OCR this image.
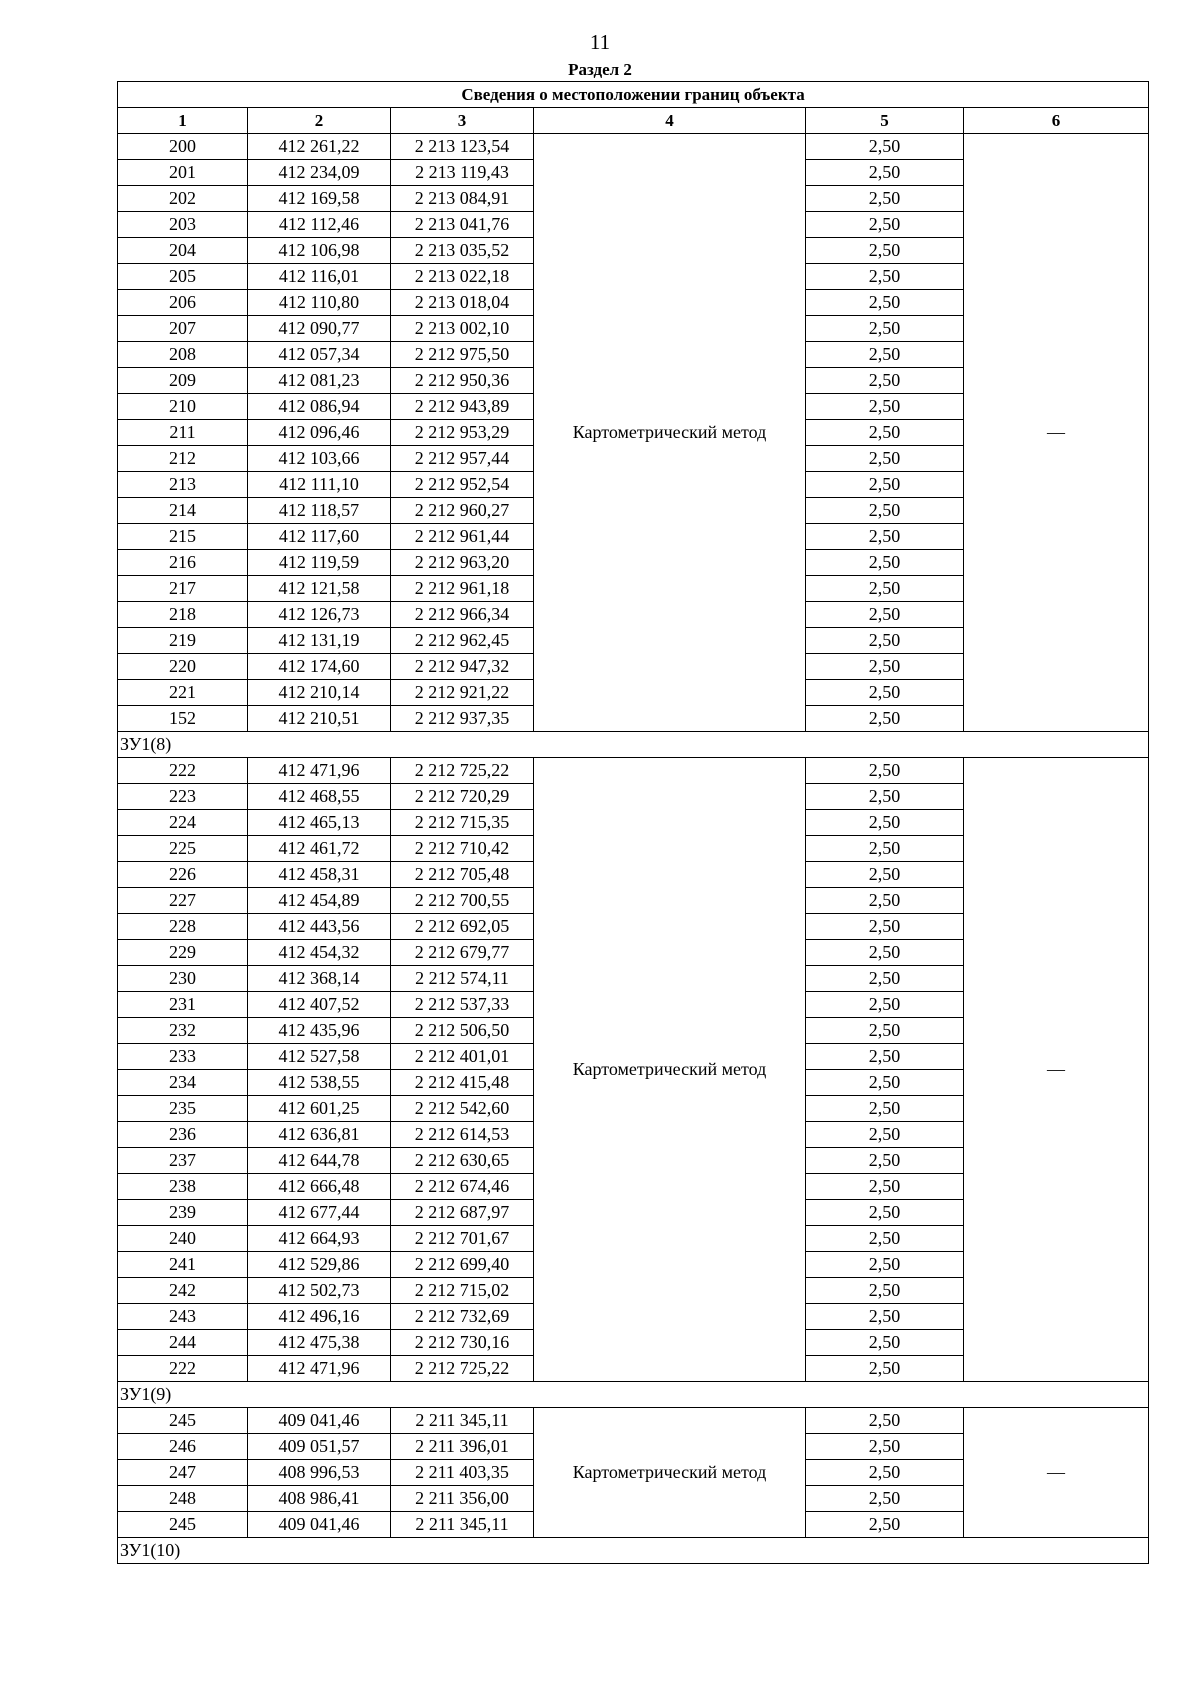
11
Раздел 2
Сведения о местоположении границ объекта					
1	2	3	4	5	6
200	412 261,22	2 213 123,54	Картометрический метод	2,50	—
201	412 234,09	2 213 119,43		2,50	
202	412 169,58	2 213 084,91		2,50	
203	412 112,46	2 213 041,76		2,50	
204	412 106,98	2 213 035,52		2,50	
205	412 116,01	2 213 022,18		2,50	
206	412 110,80	2 213 018,04		2,50	
207	412 090,77	2 213 002,10		2,50	
208	412 057,34	2 212 975,50		2,50	
209	412 081,23	2 212 950,36		2,50	
210	412 086,94	2 212 943,89		2,50	
211	412 096,46	2 212 953,29		2,50	
212	412 103,66	2 212 957,44		2,50	
213	412 111,10	2 212 952,54		2,50	
214	412 118,57	2 212 960,27		2,50	
215	412 117,60	2 212 961,44		2,50	
216	412 119,59	2 212 963,20		2,50	
217	412 121,58	2 212 961,18		2,50	
218	412 126,73	2 212 966,34		2,50	
219	412 131,19	2 212 962,45		2,50	
220	412 174,60	2 212 947,32		2,50	
221	412 210,14	2 212 921,22		2,50	
152	412 210,51	2 212 937,35		2,50	
ЗУ1(8)					
222	412 471,96	2 212 725,22	Картометрический метод	2,50	—
223	412 468,55	2 212 720,29		2,50	
224	412 465,13	2 212 715,35		2,50	
225	412 461,72	2 212 710,42		2,50	
226	412 458,31	2 212 705,48		2,50	
227	412 454,89	2 212 700,55		2,50	
228	412 443,56	2 212 692,05		2,50	
229	412 454,32	2 212 679,77		2,50	
230	412 368,14	2 212 574,11		2,50	
231	412 407,52	2 212 537,33		2,50	
232	412 435,96	2 212 506,50		2,50	
233	412 527,58	2 212 401,01		2,50	
234	412 538,55	2 212 415,48		2,50	
235	412 601,25	2 212 542,60		2,50	
236	412 636,81	2 212 614,53		2,50	
237	412 644,78	2 212 630,65		2,50	
238	412 666,48	2 212 674,46		2,50	
239	412 677,44	2 212 687,97		2,50	
240	412 664,93	2 212 701,67		2,50	
241	412 529,86	2 212 699,40		2,50	
242	412 502,73	2 212 715,02		2,50	
243	412 496,16	2 212 732,69		2,50	
244	412 475,38	2 212 730,16		2,50	
222	412 471,96	2 212 725,22		2,50	
ЗУ1(9)					
245	409 041,46	2 211 345,11	Картометрический метод	2,50	—
246	409 051,57	2 211 396,01		2,50	
247	408 996,53	2 211 403,35		2,50	
248	408 986,41	2 211 356,00		2,50	
245	409 041,46	2 211 345,11		2,50	
ЗУ1(10)					
